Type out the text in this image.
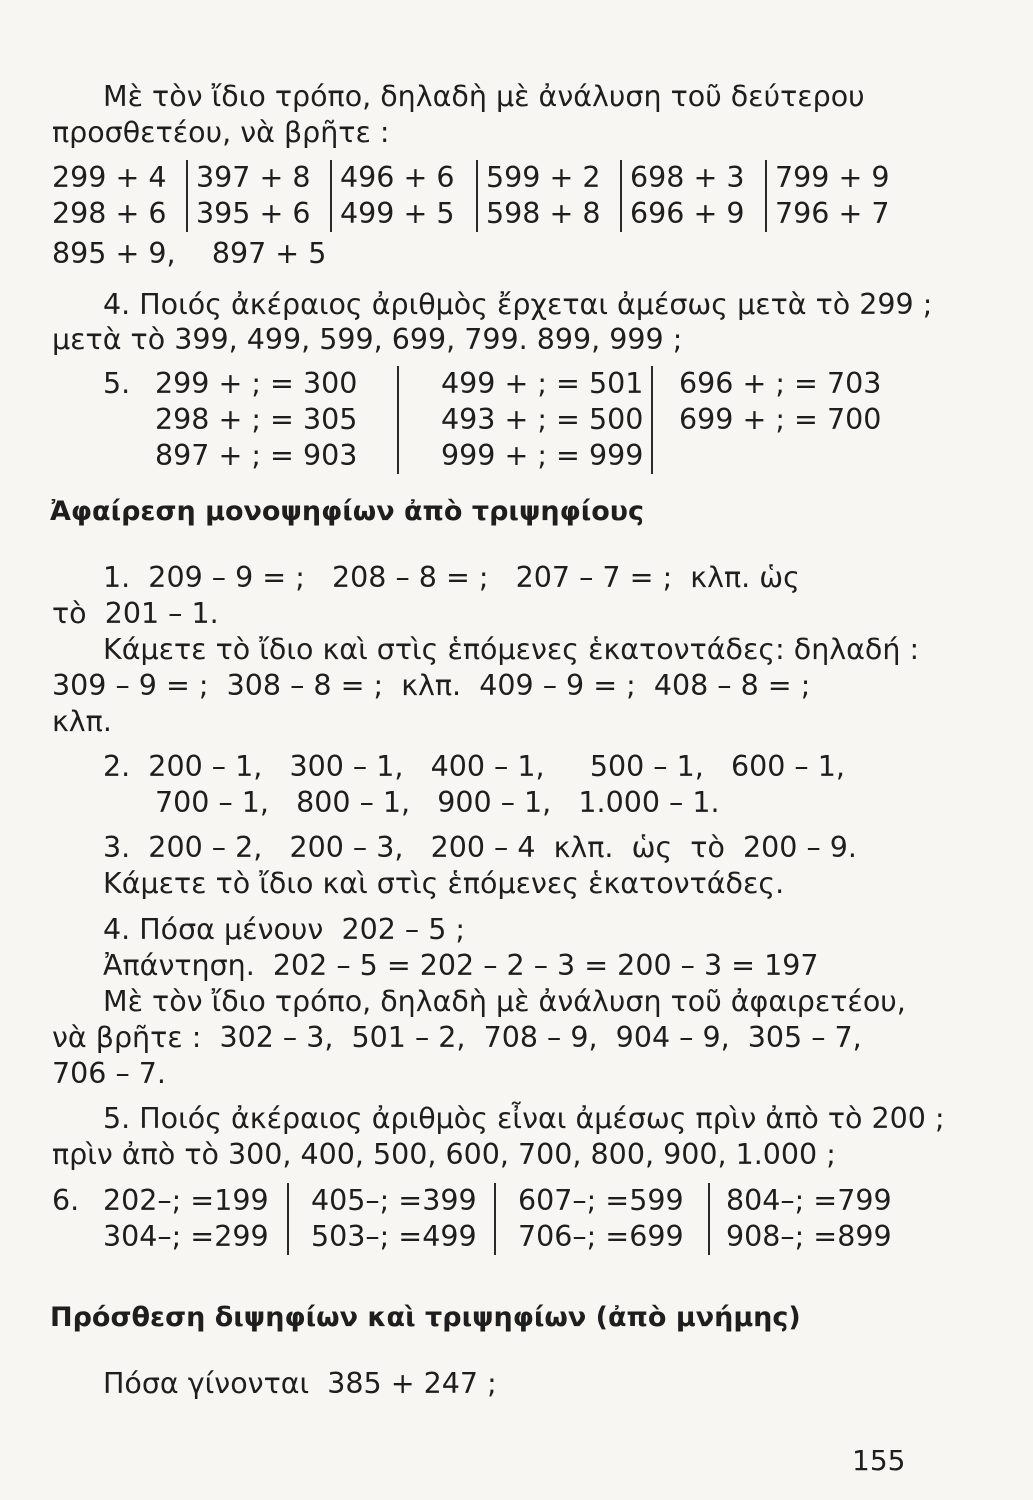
Μὲ τὸν ἴδιο τρόπο, δηλαδὴ μὲ ἀνάλυση τοῦ δεύτερου
προσθετέου, νὰ βρῆτε :
299 + 4
298 + 6
397 + 8
395 + 6
496 + 6
499 + 5
599 + 2
598 + 8
698 + 3
696 + 9
799 + 9
796 + 7
895 + 9,    897 + 5
4. Ποιός ἀκέραιος ἀριθμὸς ἔρχεται ἀμέσως μετὰ τὸ 299 ;
μετὰ τὸ 399, 499, 599, 699, 799. 899, 999 ;
5. 299 + ; = 300
298 + ; = 305
897 + ; = 903
499 + ; = 501
493 + ; = 500
999 + ; = 999
696 + ; = 703
699 + ; = 700
Ἀφαίρεση μονοψηφίων ἀπὸ τριψηφίους
1.  209 – 9 = ;   208 – 8 = ;   207 – 7 = ;  κλπ. ὡς
τὸ  201 – 1.
Κάμετε τὸ ἴδιο καὶ στὶς ἑπόμενες ἑκατοντάδες: δηλαδή :
309 – 9 = ;  308 – 8 = ;  κλπ.  409 – 9 = ;  408 – 8 = ;
κλπ.
2.  200 – 1,   300 – 1,   400 – 1,     500 – 1,   600 – 1,
700 – 1,   800 – 1,   900 – 1,   1.000 – 1.
3.  200 – 2,   200 – 3,   200 – 4  κλπ.  ὡς  τὸ  200 – 9.
Κάμετε τὸ ἴδιο καὶ στὶς ἑπόμενες ἑκατοντάδες.
4. Πόσα μένουν  202 – 5 ;
Ἀπάντηση.  202 – 5 = 202 – 2 – 3 = 200 – 3 = 197
Μὲ τὸν ἴδιο τρόπο, δηλαδὴ μὲ ἀνάλυση τοῦ ἀφαιρετέου,
νὰ βρῆτε :  302 – 3,  501 – 2,  708 – 9,  904 – 9,  305 – 7,
706 – 7.
5. Ποιός ἀκέραιος ἀριθμὸς εἶναι ἀμέσως πρὶν ἀπὸ τὸ 200 ;
πρὶν ἀπὸ τὸ 300, 400, 500, 600, 700, 800, 900, 1.000 ;
6. 202–; =199
304–; =299
405–; =399
503–; =499
607–; =599
706–; =699
804–; =799
908–; =899
Πρόσθεση διψηφίων καὶ τριψηφίων (ἀπὸ μνήμης)
Πόσα γίνονται  385 + 247 ;
155
